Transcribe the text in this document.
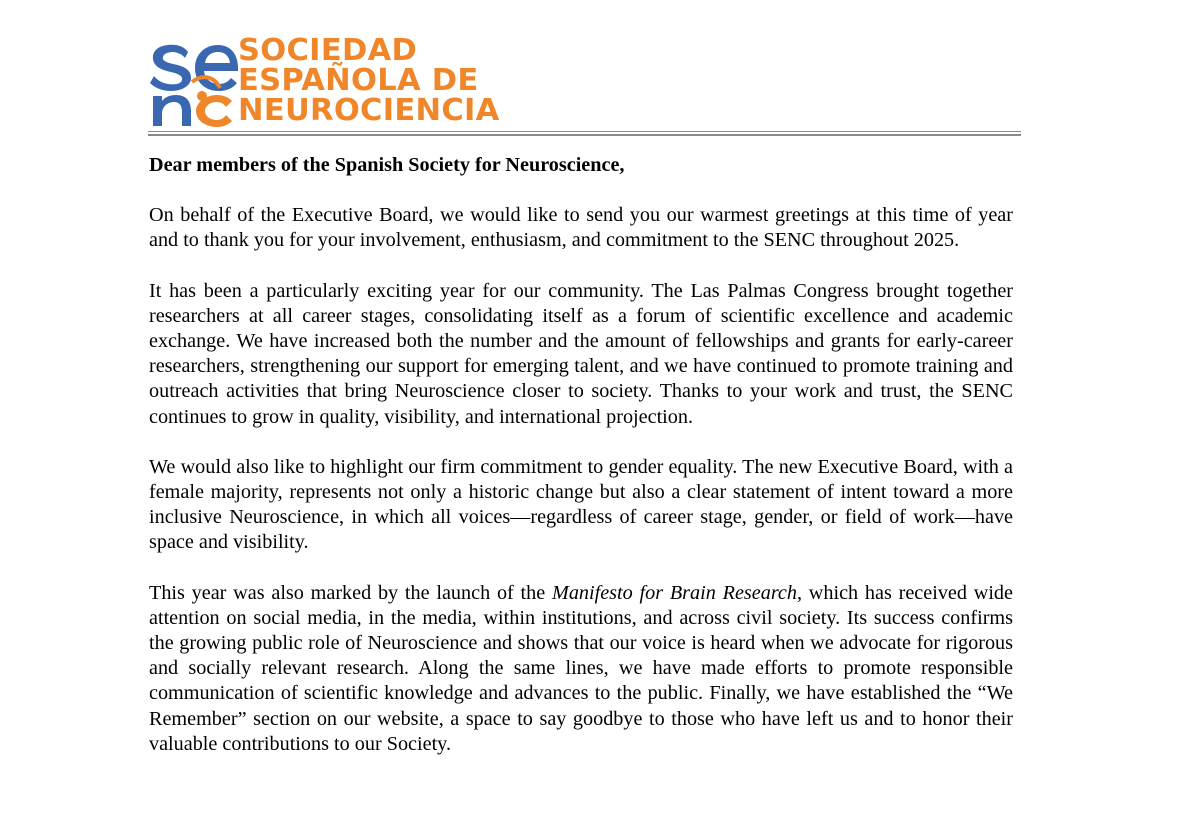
SOCIEDAD
ESPAÑOLA DE
NEUROCIENCIA

Dear members of the Spanish Society for Neuroscience,

On behalf of the Executive Board, we would like to send you our warmest greetings at this time of year and to thank you for your involvement, enthusiasm, and commitment to the SENC throughout 2025.

It has been a particularly exciting year for our community. The Las Palmas Congress brought together researchers at all career stages, consolidating itself as a forum of scientific excellence and academic exchange. We have increased both the number and the amount of fellowships and grants for early-career researchers, strengthening our support for emerging talent, and we have continued to promote training and outreach activities that bring Neuroscience closer to society. Thanks to your work and trust, the SENC continues to grow in quality, visibility, and international projection.

We would also like to highlight our firm commitment to gender equality. The new Executive Board, with a female majority, represents not only a historic change but also a clear statement of intent toward a more inclusive Neuroscience, in which all voices—regardless of career stage, gender, or field of work—have space and visibility.

This year was also marked by the launch of the Manifesto for Brain Research, which has received wide attention on social media, in the media, within institutions, and across civil society. Its success confirms the growing public role of Neuroscience and shows that our voice is heard when we advocate for rigorous and socially relevant research. Along the same lines, we have made efforts to promote responsible communication of scientific knowledge and advances to the public. Finally, we have established the “We Remember” section on our website, a space to say goodbye to those who have left us and to honor their valuable contributions to our Society.
